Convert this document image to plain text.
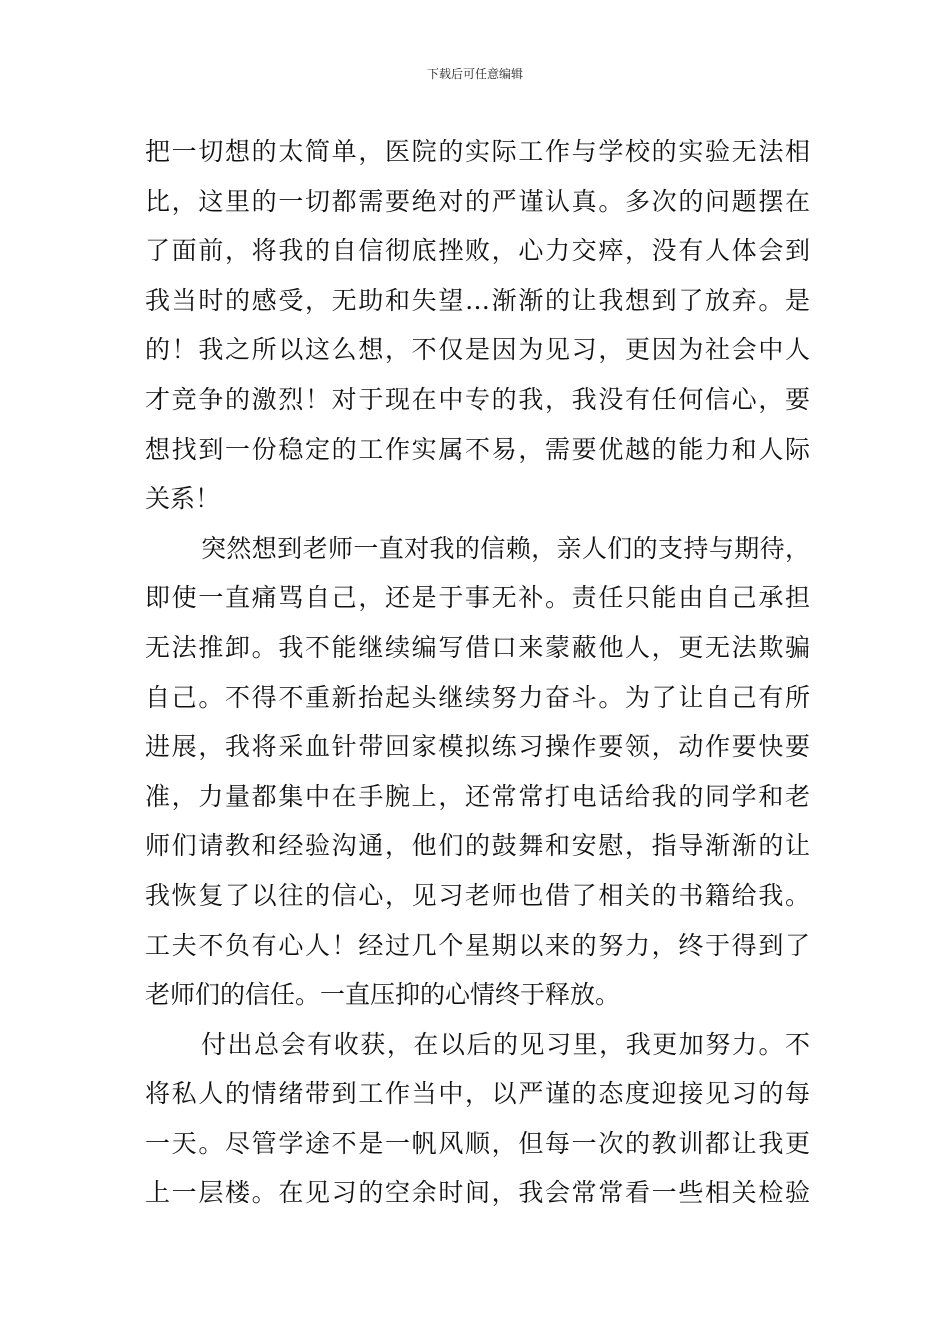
下载后可任意编辑
把一切想的太简单，医院的实际工作与学校的实验无法相
比，这里的一切都需要绝对的严谨认真。多次的问题摆在
了面前，将我的自信彻底挫败，心力交瘁，没有人体会到
我当时的感受，无助和失望…渐渐的让我想到了放弃。是
的！我之所以这么想，不仅是因为见习，更因为社会中人
才竞争的激烈！对于现在中专的我，我没有任何信心，要
想找到一份稳定的工作实属不易，需要优越的能力和人际
关系！
突然想到老师一直对我的信赖，亲人们的支持与期待，
即使一直痛骂自己，还是于事无补。责任只能由自己承担
无法推卸。我不能继续编写借口来蒙蔽他人，更无法欺骗
自己。不得不重新抬起头继续努力奋斗。为了让自己有所
进展，我将采血针带回家模拟练习操作要领，动作要快要
准，力量都集中在手腕上，还常常打电话给我的同学和老
师们请教和经验沟通，他们的鼓舞和安慰，指导渐渐的让
我恢复了以往的信心，见习老师也借了相关的书籍给我。
工夫不负有心人！经过几个星期以来的努力，终于得到了
老师们的信任。一直压抑的心情终于释放。
付出总会有收获，在以后的见习里，我更加努力。不
将私人的情绪带到工作当中，以严谨的态度迎接见习的每
一天。尽管学途不是一帆风顺，但每一次的教训都让我更
上一层楼。在见习的空余时间，我会常常看一些相关检验
